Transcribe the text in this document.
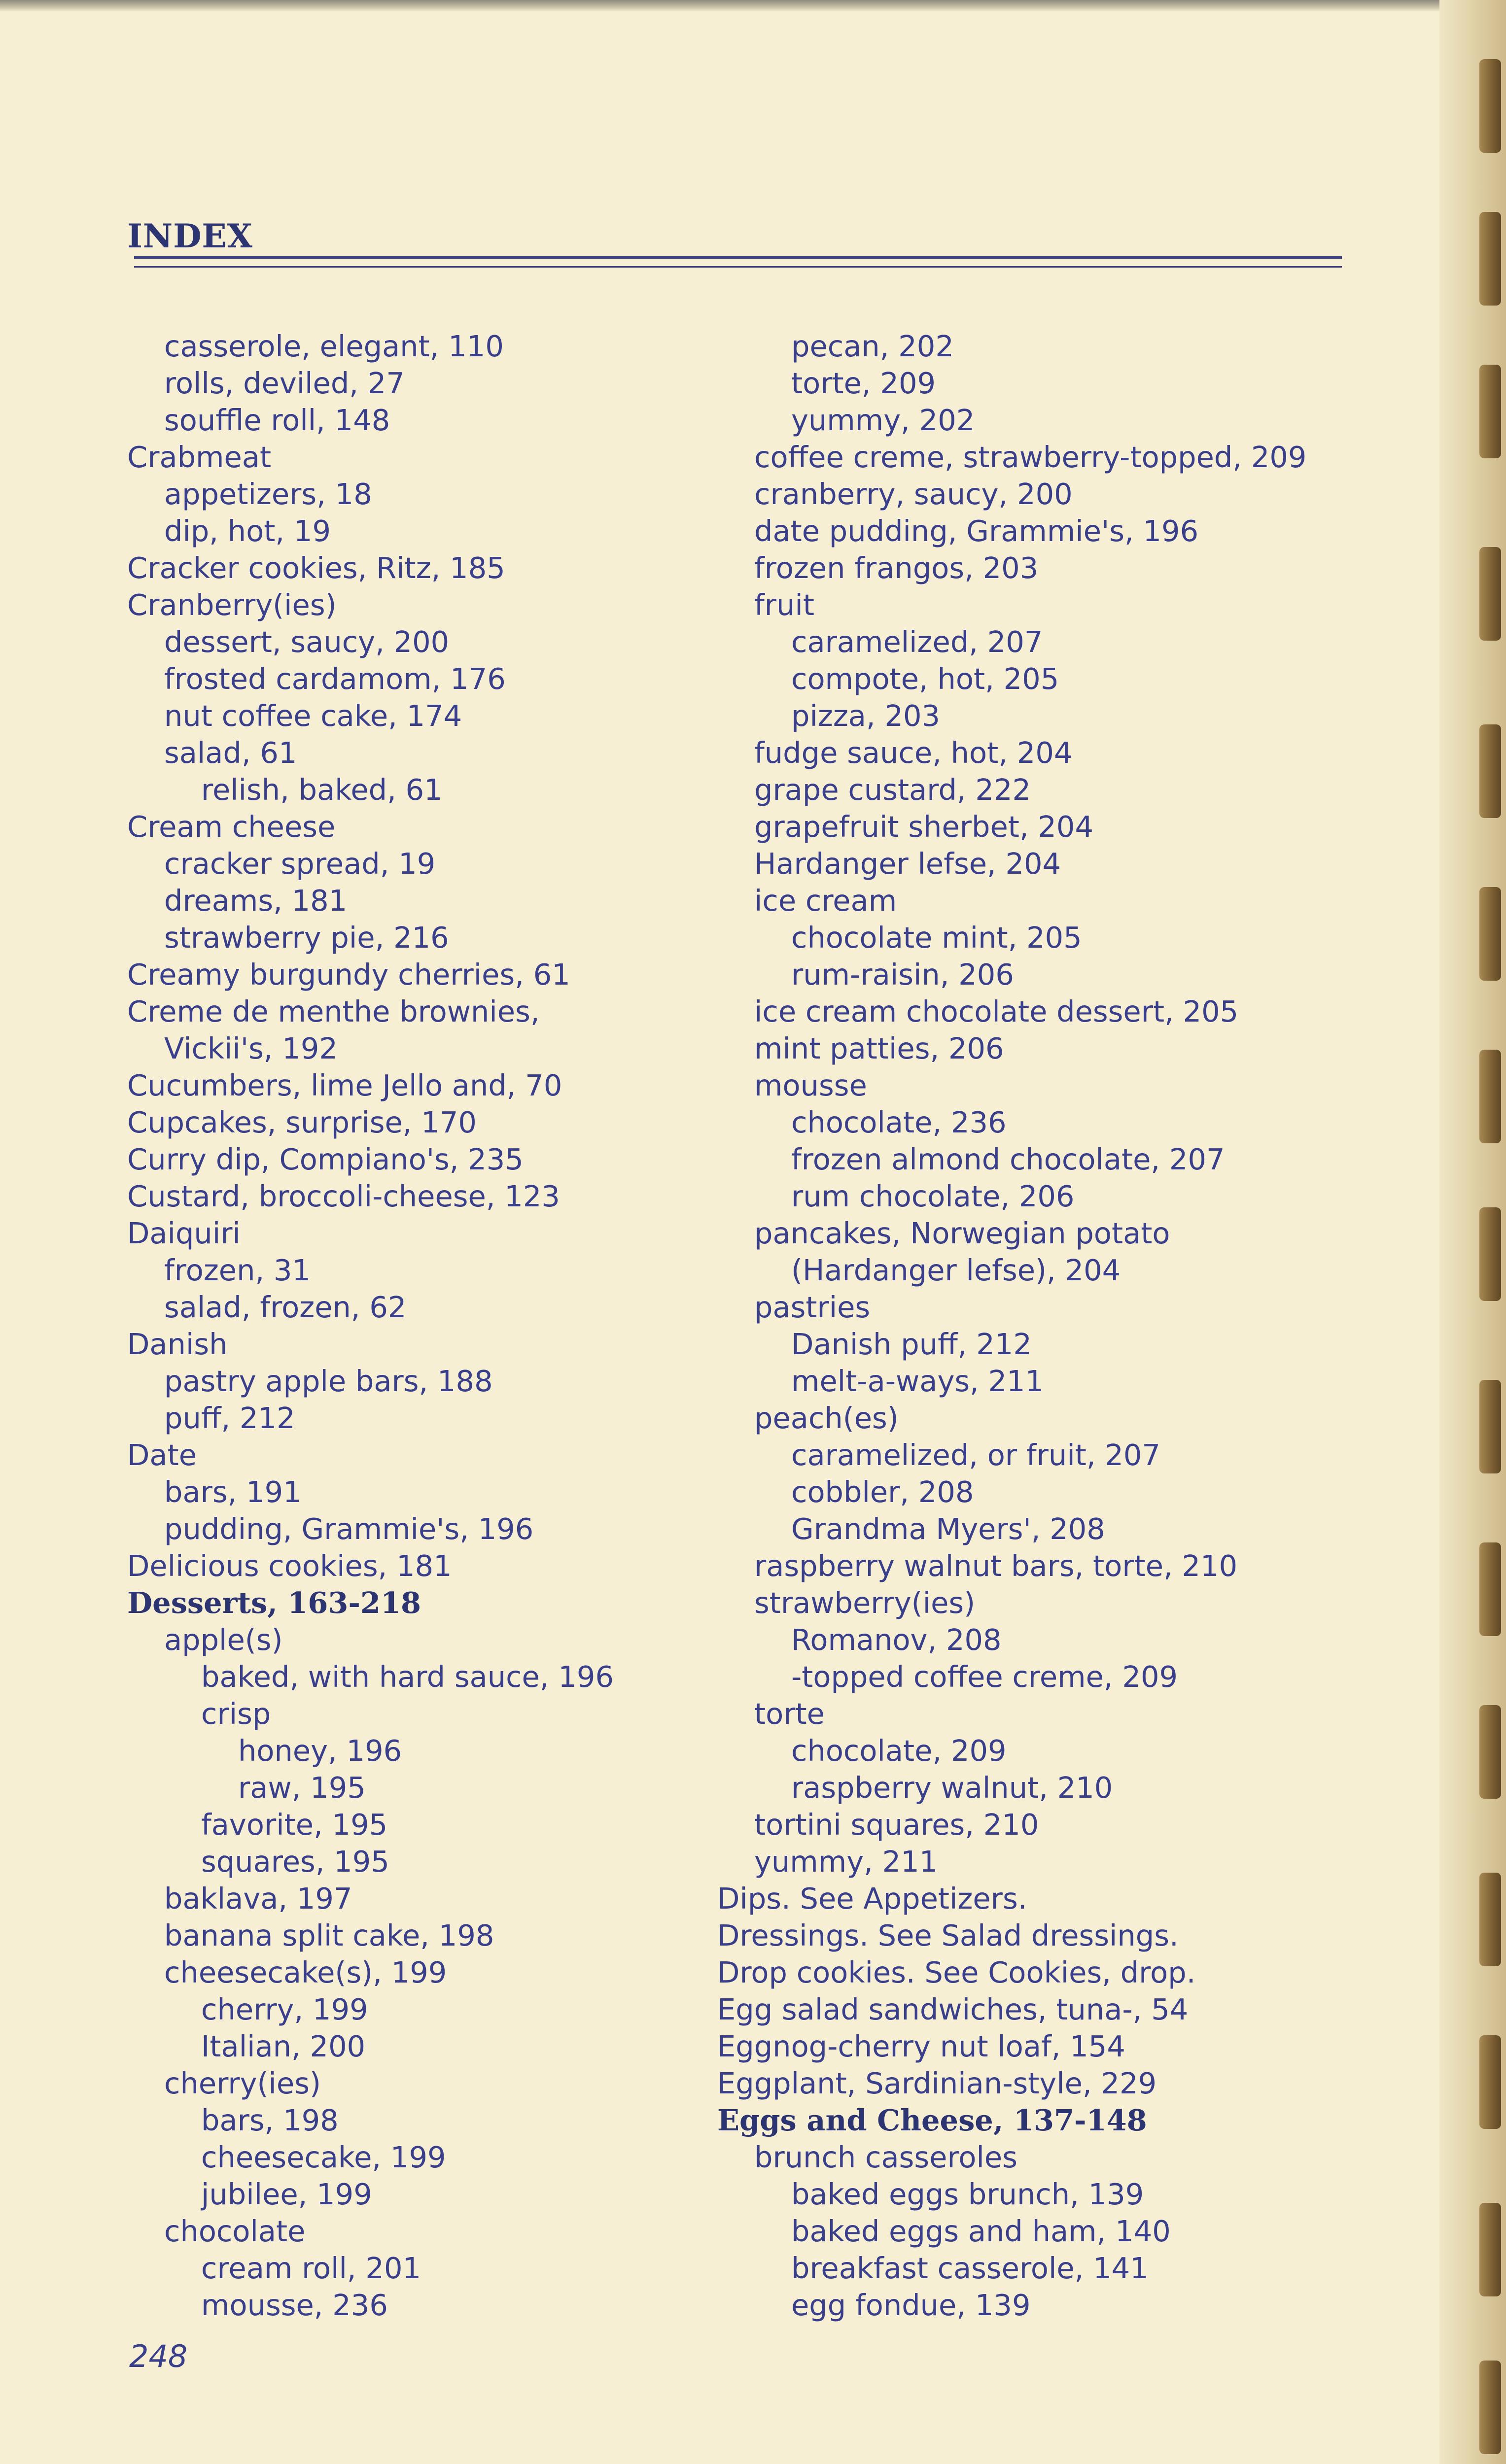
INDEX
casserole, elegant, 110
rolls, deviled, 27
souffle roll, 148
Crabmeat
appetizers, 18
dip, hot, 19
Cracker cookies, Ritz, 185
Cranberry(ies)
dessert, saucy, 200
frosted cardamom, 176
nut coffee cake, 174
salad, 61
relish, baked, 61
Cream cheese
cracker spread, 19
dreams, 181
strawberry pie, 216
Creamy burgundy cherries, 61
Creme de menthe brownies,
Vickii's, 192
Cucumbers, lime Jello and, 70
Cupcakes, surprise, 170
Curry dip, Compiano's, 235
Custard, broccoli-cheese, 123
Daiquiri
frozen, 31
salad, frozen, 62
Danish
pastry apple bars, 188
puff, 212
Date
bars, 191
pudding, Grammie's, 196
Delicious cookies, 181
Desserts, 163-218
apple(s)
baked, with hard sauce, 196
crisp
honey, 196
raw, 195
favorite, 195
squares, 195
baklava, 197
banana split cake, 198
cheesecake(s), 199
cherry, 199
Italian, 200
cherry(ies)
bars, 198
cheesecake, 199
jubilee, 199
chocolate
cream roll, 201
mousse, 236
pecan, 202
torte, 209
yummy, 202
coffee creme, strawberry-topped, 209
cranberry, saucy, 200
date pudding, Grammie's, 196
frozen frangos, 203
fruit
caramelized, 207
compote, hot, 205
pizza, 203
fudge sauce, hot, 204
grape custard, 222
grapefruit sherbet, 204
Hardanger lefse, 204
ice cream
chocolate mint, 205
rum-raisin, 206
ice cream chocolate dessert, 205
mint patties, 206
mousse
chocolate, 236
frozen almond chocolate, 207
rum chocolate, 206
pancakes, Norwegian potato
(Hardanger lefse), 204
pastries
Danish puff, 212
melt-a-ways, 211
peach(es)
caramelized, or fruit, 207
cobbler, 208
Grandma Myers', 208
raspberry walnut bars, torte, 210
strawberry(ies)
Romanov, 208
-topped coffee creme, 209
torte
chocolate, 209
raspberry walnut, 210
tortini squares, 210
yummy, 211
Dips. See Appetizers.
Dressings. See Salad dressings.
Drop cookies. See Cookies, drop.
Egg salad sandwiches, tuna-, 54
Eggnog-cherry nut loaf, 154
Eggplant, Sardinian-style, 229
Eggs and Cheese, 137-148
brunch casseroles
baked eggs brunch, 139
baked eggs and ham, 140
breakfast casserole, 141
egg fondue, 139
248
